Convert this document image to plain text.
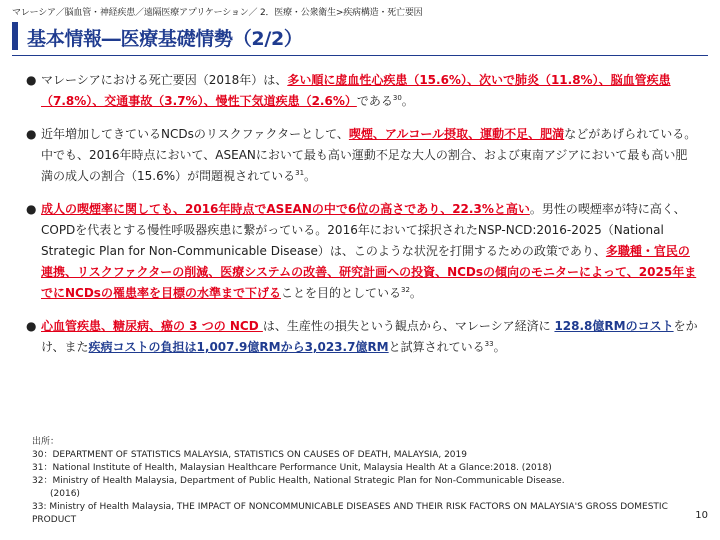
マレーシア／脳血管・神経疾患／遠隔医療アプリケーション／ 2．医療・公衆衛生>疾病構造・死亡要因
基本情報―医療基礎情勢（2/2）
● マレーシアにおける死亡要因（2018年）は、多い順に虚血性心疾患（15.6%）、次いで肺炎（11.8%）、脳血管疾患（7.8%）、交通事故（3.7%）、慢性下気道疾患（2.6%）である$^{30}$。
● 近年増加してきているNCDsのリスクファクターとして、喫煙、アルコール摂取、運動不足、肥満などがあげられている。中でも、2016年時点において、ASEANにおいて最も高い運動不足な大人の割合、および東南アジアにおいて最も高い肥満の成人の割合（15.6%）が問題視されている$^{31}$。
● 成人の喫煙率に関しても、2016年時点でASEANの中で6位の高さであり、22.3%と高い。男性の喫煙率が特に高く、COPDを代表とする慢性呼吸器疾患に繋がっている。2016年において採択されたNSP-NCD:2016-2025（National Strategic Plan for Non-Communicable Disease）は、このような状況を打開するための政策であり、多職種・官民の連携、リスクファクターの削減、医療システムの改善、研究計画への投資、NCDsの傾向のモニターによって、2025年までにNCDsの罹患率を目標の水準まで下げることを目的としている$^{32}$。
● 心血管疾患、糖尿病、癌の 3 つの NCD は、生産性の損失という観点から、マレーシア経済に 128.8億RMのコストをかけ、また疾病コストの負担は1,007.9億RMから3,023.7億RMと試算されている$^{33}$。
出所：
30：DEPARTMENT OF STATISTICS MALAYSIA, STATISTICS ON CAUSES OF DEATH, MALAYSIA, 2019
31：National Institute of Health, Malaysian Healthcare Performance Unit, Malaysia Health At a Glance:2018. (2018)
32：Ministry of Health Malaysia, Department of Public Health, National Strategic Plan for Non-Communicable Disease.
(2016)
33: Ministry of Health Malaysia, THE IMPACT OF NONCOMMUNICABLE DISEASES AND THEIR RISK FACTORS ON MALAYSIA'S GROSS DOMESTIC PRODUCT	10
